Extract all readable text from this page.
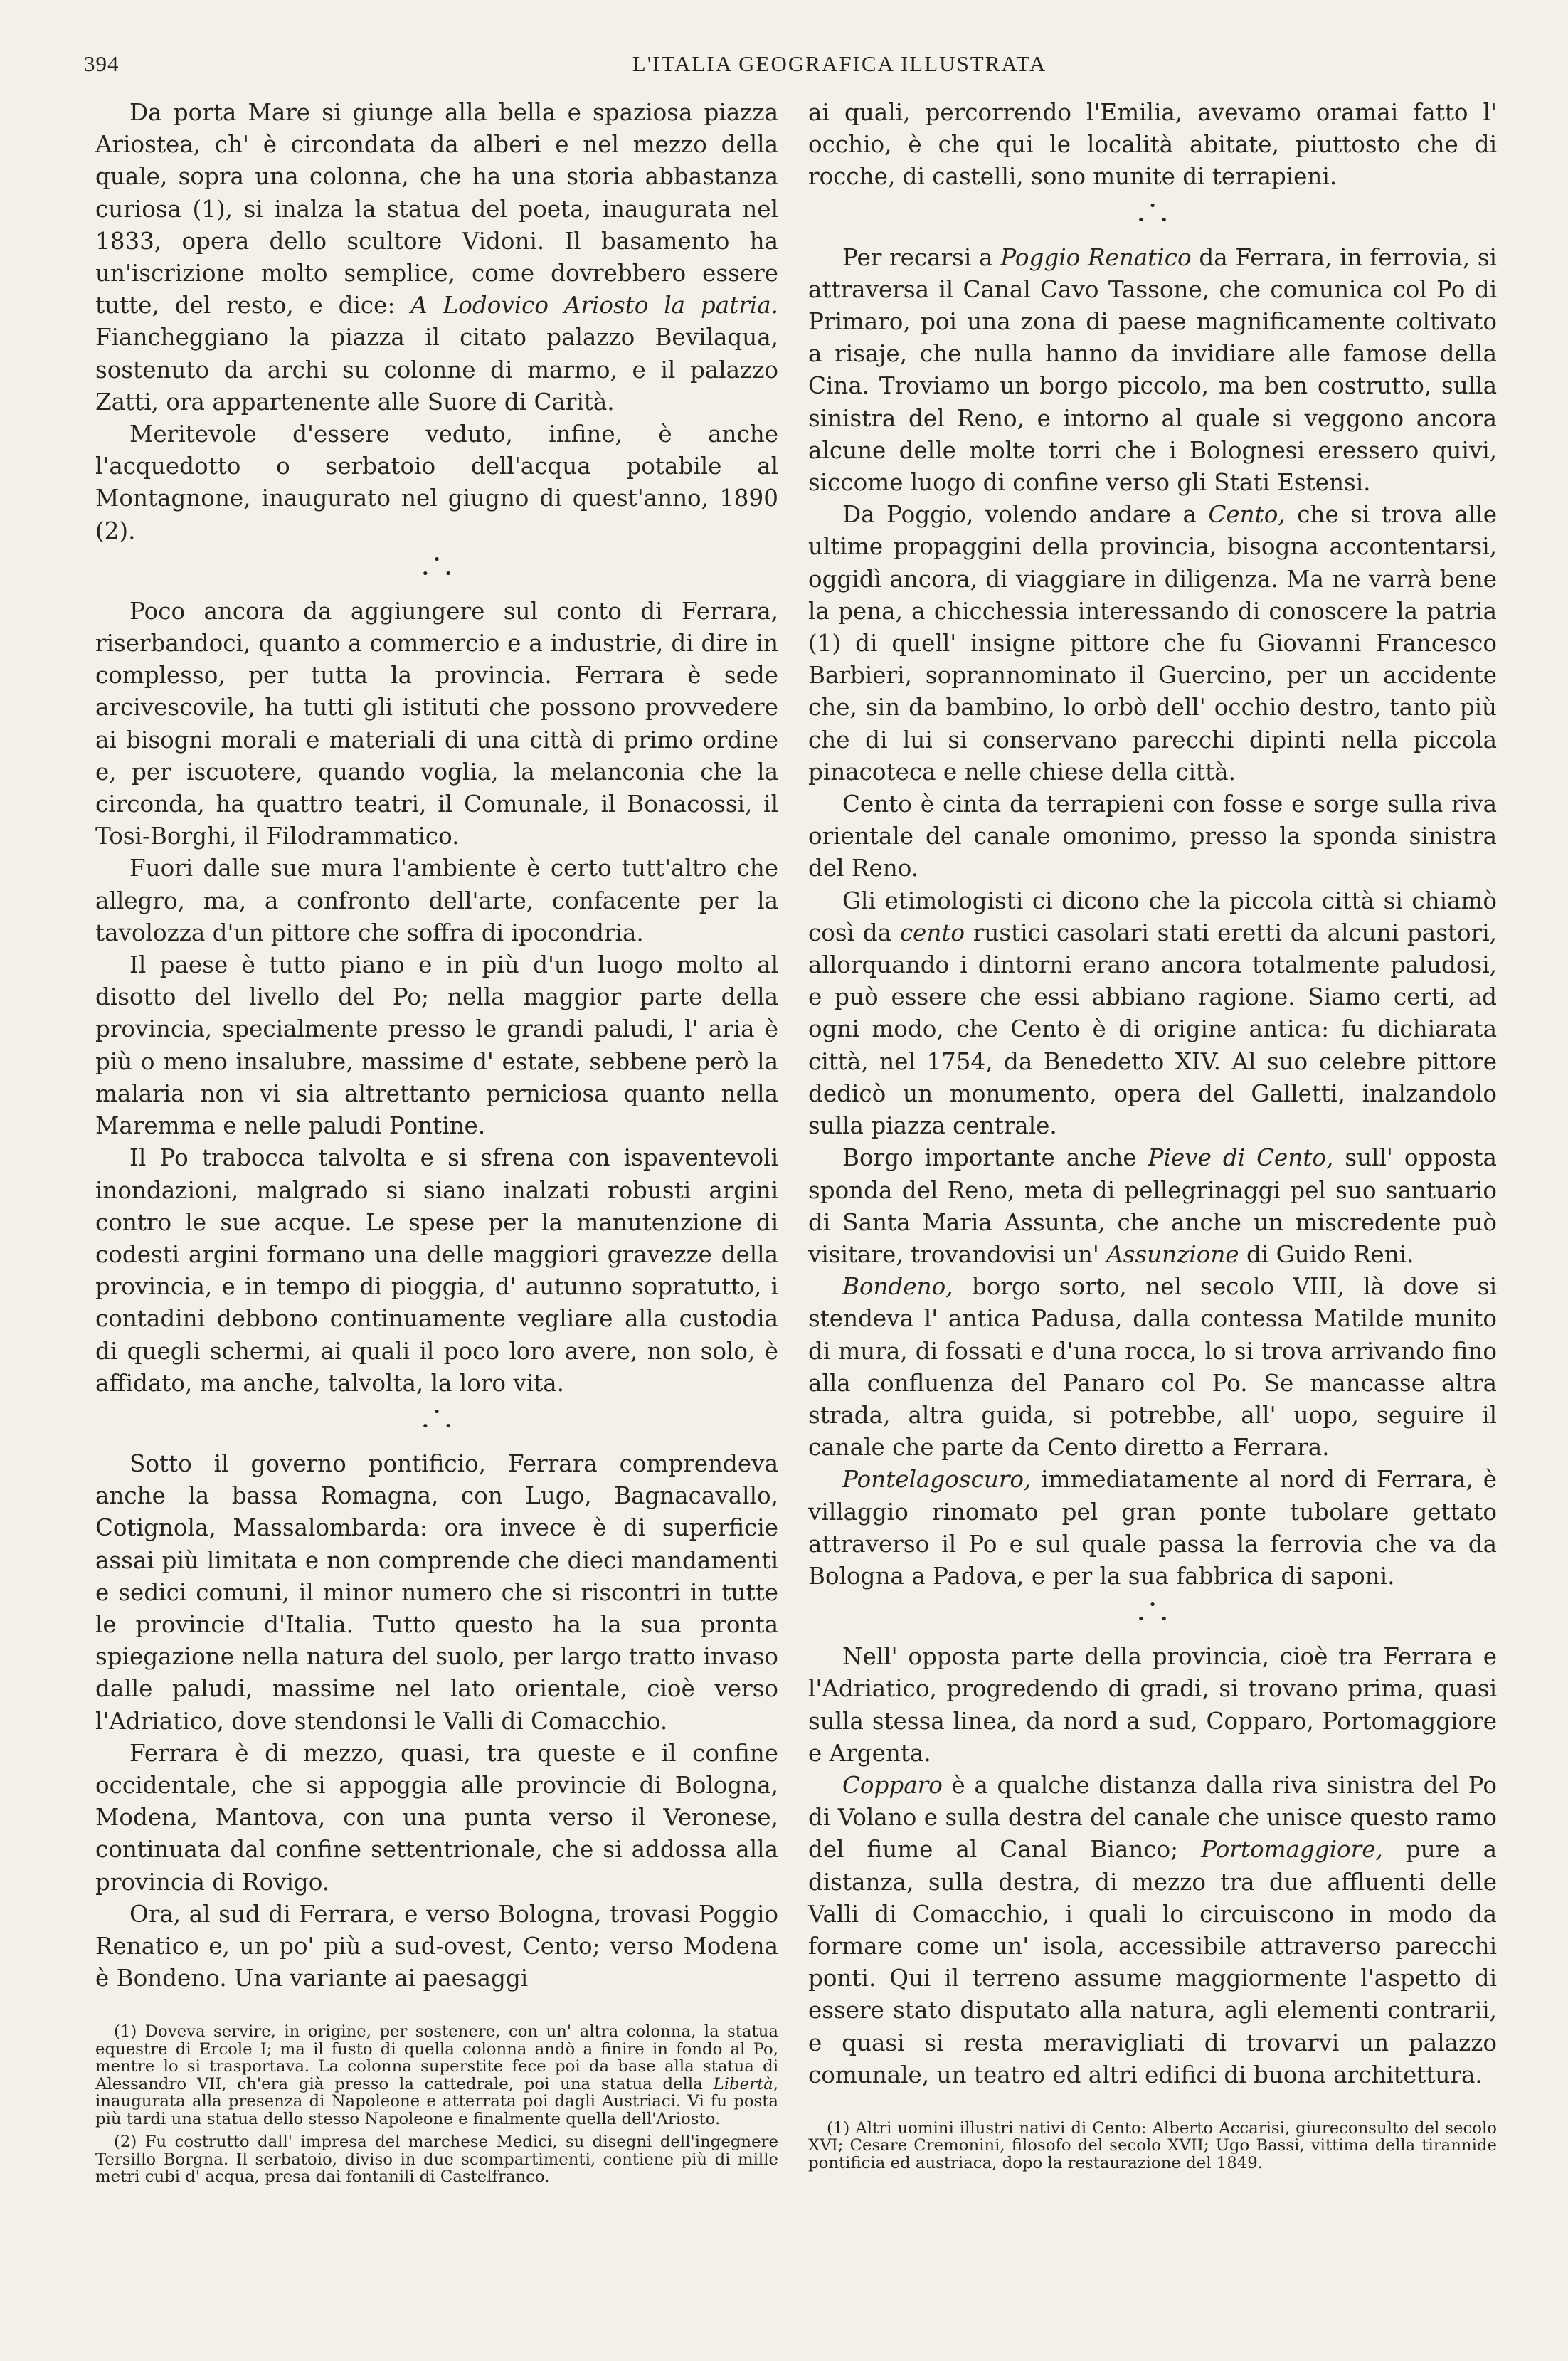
394	L'ITALIA GEOGRAFICA ILLUSTRATA

Da porta Mare si giunge alla bella e spaziosa piazza Ariostea, ch' è circondata da alberi e nel mezzo della quale, sopra una colonna, che ha una storia abbastanza curiosa (1), si inalza la statua del poeta, inaugurata nel 1833, opera dello scultore Vidoni. Il basamento ha un'iscrizione molto semplice, come dovrebbero essere tutte, del resto, e dice: A Lodovico Ariosto la patria. Fiancheggiano la piazza il citato palazzo Bevilaqua, sostenuto da archi su colonne di marmo, e il palazzo Zatti, ora appartenente alle Suore di Carità.

Meritevole d'essere veduto, infine, è anche l'acquedotto o serbatoio dell'acqua potabile al Montagnone, inaugurato nel giugno di quest'anno, 1890 (2).

•
• •

Poco ancora da aggiungere sul conto di Ferrara, riserbandoci, quanto a commercio e a industrie, di dire in complesso, per tutta la provincia. Ferrara è sede arcivescovile, ha tutti gli istituti che possono provvedere ai bisogni morali e materiali di una città di primo ordine e, per iscuotere, quando voglia, la melanconia che la circonda, ha quattro teatri, il Comunale, il Bonacossi, il Tosi-Borghi, il Filodrammatico.

Fuori dalle sue mura l'ambiente è certo tutt'altro che allegro, ma, a confronto dell'arte, confacente per la tavolozza d'un pittore che soffra di ipocondria.

Il paese è tutto piano e in più d'un luogo molto al disotto del livello del Po; nella maggior parte della provincia, specialmente presso le grandi paludi, l' aria è più o meno insalubre, massime d' estate, sebbene però la malaria non vi sia altrettanto perniciosa quanto nella Maremma e nelle paludi Pontine.

Il Po trabocca talvolta e si sfrena con ispaventevoli inondazioni, malgrado si siano inalzati robusti argini contro le sue acque. Le spese per la manutenzione di codesti argini formano una delle maggiori gravezze della provincia, e in tempo di pioggia, d' autunno sopratutto, i contadini debbono continuamente vegliare alla custodia di quegli schermi, ai quali il poco loro avere, non solo, è affidato, ma anche, talvolta, la loro vita.

•
• •

Sotto il governo pontificio, Ferrara comprendeva anche la bassa Romagna, con Lugo, Bagnacavallo, Cotignola, Massalombarda: ora invece è di superficie assai più limitata e non comprende che dieci mandamenti e sedici comuni, il minor numero che si riscontri in tutte le provincie d'Italia. Tutto questo ha la sua pronta spiegazione nella natura del suolo, per largo tratto invaso dalle paludi, massime nel lato orientale, cioè verso l'Adriatico, dove stendonsi le Valli di Comacchio.

Ferrara è di mezzo, quasi, tra queste e il confine occidentale, che si appoggia alle provincie di Bologna, Modena, Mantova, con una punta verso il Veronese, continuata dal confine settentrionale, che si addossa alla provincia di Rovigo.

Ora, al sud di Ferrara, e verso Bologna, trovasi Poggio Renatico e, un po' più a sud-ovest, Cento; verso Modena è Bondeno. Una variante ai paesaggi

(1) Doveva servire, in origine, per sostenere, con un' altra colonna, la statua equestre di Ercole I; ma il fusto di quella colonna andò a finire in fondo al Po, mentre lo si trasportava. La colonna superstite fece poi da base alla statua di Alessandro VII, ch'era già presso la cattedrale, poi una statua della Libertà, inaugurata alla presenza di Napoleone e atterrata poi dagli Austriaci. Vi fu posta più tardi una statua dello stesso Napoleone e finalmente quella dell'Ariosto.

(2) Fu costrutto dall' impresa del marchese Medici, su disegni dell'ingegnere Tersillo Borgna. Il serbatoio, diviso in due scompartimenti, contiene più di mille metri cubi d' acqua, presa dai fontanili di Castelfranco.

ai quali, percorrendo l'Emilia, avevamo oramai fatto l' occhio, è che qui le località abitate, piuttosto che di rocche, di castelli, sono munite di terrapieni.

•
• •

Per recarsi a Poggio Renatico da Ferrara, in ferrovia, si attraversa il Canal Cavo Tassone, che comunica col Po di Primaro, poi una zona di paese magnificamente coltivato a risaje, che nulla hanno da invidiare alle famose della Cina. Troviamo un borgo piccolo, ma ben costrutto, sulla sinistra del Reno, e intorno al quale si veggono ancora alcune delle molte torri che i Bolognesi eressero quivi, siccome luogo di confine verso gli Stati Estensi.

Da Poggio, volendo andare a Cento, che si trova alle ultime propaggini della provincia, bisogna accontentarsi, oggidì ancora, di viaggiare in diligenza. Ma ne varrà bene la pena, a chicchessia interessando di conoscere la patria (1) di quell' insigne pittore che fu Giovanni Francesco Barbieri, soprannominato il Guercino, per un accidente che, sin da bambino, lo orbò dell' occhio destro, tanto più che di lui si conservano parecchi dipinti nella piccola pinacoteca e nelle chiese della città.

Cento è cinta da terrapieni con fosse e sorge sulla riva orientale del canale omonimo, presso la sponda sinistra del Reno.

Gli etimologisti ci dicono che la piccola città si chiamò così da cento rustici casolari stati eretti da alcuni pastori, allorquando i dintorni erano ancora totalmente paludosi, e può essere che essi abbiano ragione. Siamo certi, ad ogni modo, che Cento è di origine antica: fu dichiarata città, nel 1754, da Benedetto XIV. Al suo celebre pittore dedicò un monumento, opera del Galletti, inalzandolo sulla piazza centrale.

Borgo importante anche Pieve di Cento, sull' opposta sponda del Reno, meta di pellegrinaggi pel suo santuario di Santa Maria Assunta, che anche un miscredente può visitare, trovandovisi un' Assunzione di Guido Reni.

Bondeno, borgo sorto, nel secolo VIII, là dove si stendeva l' antica Padusa, dalla contessa Matilde munito di mura, di fossati e d'una rocca, lo si trova arrivando fino alla confluenza del Panaro col Po. Se mancasse altra strada, altra guida, si potrebbe, all' uopo, seguire il canale che parte da Cento diretto a Ferrara.

Pontelagoscuro, immediatamente al nord di Ferrara, è villaggio rinomato pel gran ponte tubolare gettato attraverso il Po e sul quale passa la ferrovia che va da Bologna a Padova, e per la sua fabbrica di saponi.

•
• •

Nell' opposta parte della provincia, cioè tra Ferrara e l'Adriatico, progredendo di gradi, si trovano prima, quasi sulla stessa linea, da nord a sud, Copparo, Portomaggiore e Argenta.

Copparo è a qualche distanza dalla riva sinistra del Po di Volano e sulla destra del canale che unisce questo ramo del fiume al Canal Bianco; Portomaggiore, pure a distanza, sulla destra, di mezzo tra due affluenti delle Valli di Comacchio, i quali lo circuiscono in modo da formare come un' isola, accessibile attraverso parecchi ponti. Qui il terreno assume maggiormente l'aspetto di essere stato disputato alla natura, agli elementi contrarii, e quasi si resta meravigliati di trovarvi un palazzo comunale, un teatro ed altri edifici di buona architettura.

(1) Altri uomini illustri nativi di Cento: Alberto Accarisi, giureconsulto del secolo XVI; Cesare Cremonini, filosofo del secolo XVII; Ugo Bassi, vittima della tirannide pontificia ed austriaca, dopo la restaurazione del 1849.
